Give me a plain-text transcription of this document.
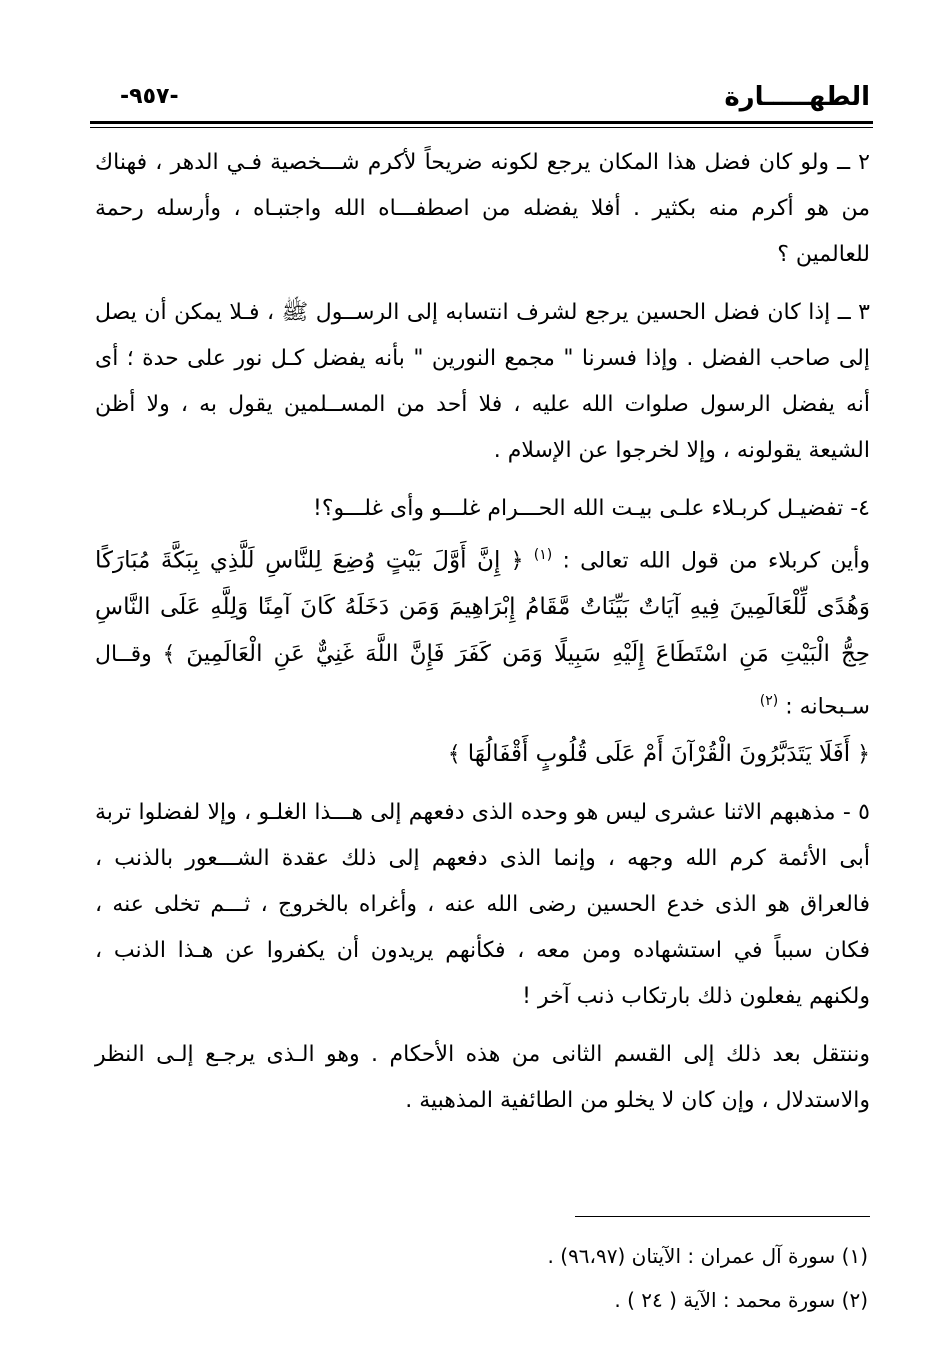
-٩٥٧-	الطهـــــارة

٢ ــ ولو كان فضل هذا المكان يرجع لكونه ضريحاً لأكرم شـــخصية فـي الدهر ، فهناك من هو أكرم منه بكثير . أفلا يفضله من اصطفـــاه الله واجتبـاه ، وأرسله رحمة للعالمين ؟

٣ ــ إذا كان فضل الحسين يرجع لشرف انتسابه إلى الرســول ﷺ ، فـلا يمكن أن يصل إلى صاحب الفضل . وإذا فسرنا " مجمع النورين " بأنه يفضل كـل نور على حدة ؛ أى أنه يفضل الرسول صلوات الله عليه ، فلا أحد من المســلمين يقول به ، ولا أظن الشيعة يقولونه ، وإلا لخرجوا عن الإسلام .

٤- تفضيـل كربـلاء علـى بيـت الله الحـــرام غلـــو وأى غلـــو؟!

وأين كربلاء من قول الله تعالى : $^{(١)}$ ﴿ إِنَّ أَوَّلَ بَيْتٍ وُضِعَ لِلنَّاسِ لَلَّذِي بِبَكَّةَ مُبَارَكًا وَهُدًى لِّلْعَالَمِينَ فِيهِ آيَاتٌ بَيِّنَاتٌ مَّقَامُ إِبْرَاهِيمَ وَمَن دَخَلَهُ كَانَ آمِنًا وَلِلَّهِ عَلَى النَّاسِ حِجُّ الْبَيْتِ مَنِ اسْتَطَاعَ إِلَيْهِ سَبِيلًا وَمَن كَفَرَ فَإِنَّ اللَّهَ غَنِيٌّ عَنِ الْعَالَمِينَ ﴾ وقــال سـبحانه : $^{(٢)}$
﴿ أَفَلَا يَتَدَبَّرُونَ الْقُرْآنَ أَمْ عَلَى قُلُوبٍ أَقْفَالُهَا ﴾

٥ - مذهبهم الاثنا عشرى ليس هو وحده الذى دفعهم إلى هـــذا الغلـو ، وإلا لفضلوا تربة أبى الأئمة كرم الله وجهه ، وإنما الذى دفعهم إلى ذلك عقدة الشـــعور بالذنب ، فالعراق هو الذى خدع الحسين رضى الله عنه ، وأغراه بالخروج ، ثـــم تخلى عنه ، فكان سبباً في استشهاده ومن معه ، فكأنهم يريدون أن يكفروا عن هـذا الذنب ، ولكنهم يفعلون ذلك بارتكاب ذنب آخر !

وننتقل بعد ذلك إلى القسم الثانى من هذه الأحكام . وهو الـذى يرجـع إلـى النظر والاستدلال ، وإن كان لا يخلو من الطائفية المذهبية .

(١) سورة آل عمران : الآيتان (٩٦،٩٧) .

(٢) سورة محمد : الآية ( ٢٤ ) .
